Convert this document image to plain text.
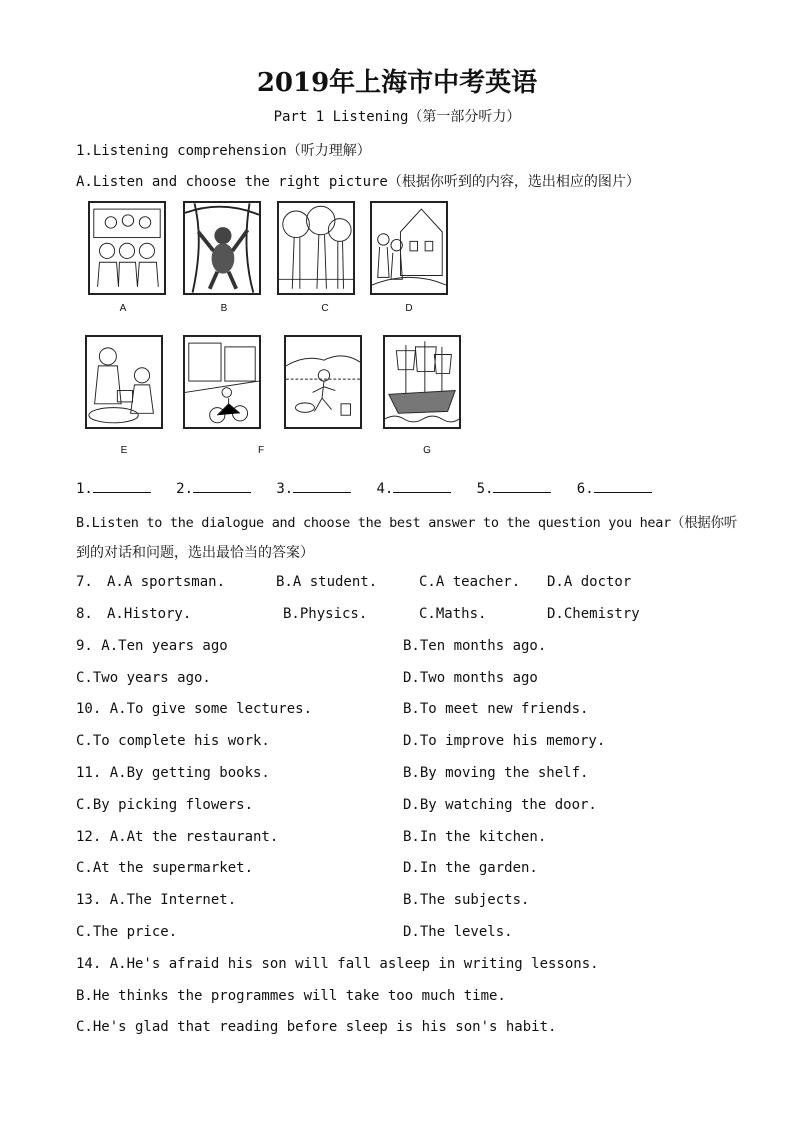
2019年上海市中考英语
Part 1 Listening（第一部分听力）
1.Listening comprehension（听力理解）
A.Listen and choose the right picture（根据你听到的内容，选出相应的图片）
A	B	C	D
E	F	G
1.	2.	3.	4.	5.	6.
B.Listen to the dialogue and choose the best answer to the question you hear（根据你听
到的对话和问题，选出最恰当的答案）
7. A.A sportsman.	B.A student.	C.A teacher. D.A doctor
8. A.History.	B.Physics.	C.Maths.	D.Chemistry
9. A.Ten years ago	B.Ten months ago.
C.Two years ago.	D.Two months ago
10. A.To give some lectures.	B.To meet new friends.
C.To complete his work.	D.To improve his memory.
11. A.By getting books.	B.By moving the shelf.
C.By picking flowers.	D.By watching the door.
12. A.At the restaurant.	B.In the kitchen.
C.At the supermarket.	D.In the garden.
13. A.The Internet.	B.The subjects.
C.The price.	D.The levels.
14. A.He's afraid his son will fall asleep in writing lessons.
B.He thinks the programmes will take too much time.
C.He's glad that reading before sleep is his son's habit.
